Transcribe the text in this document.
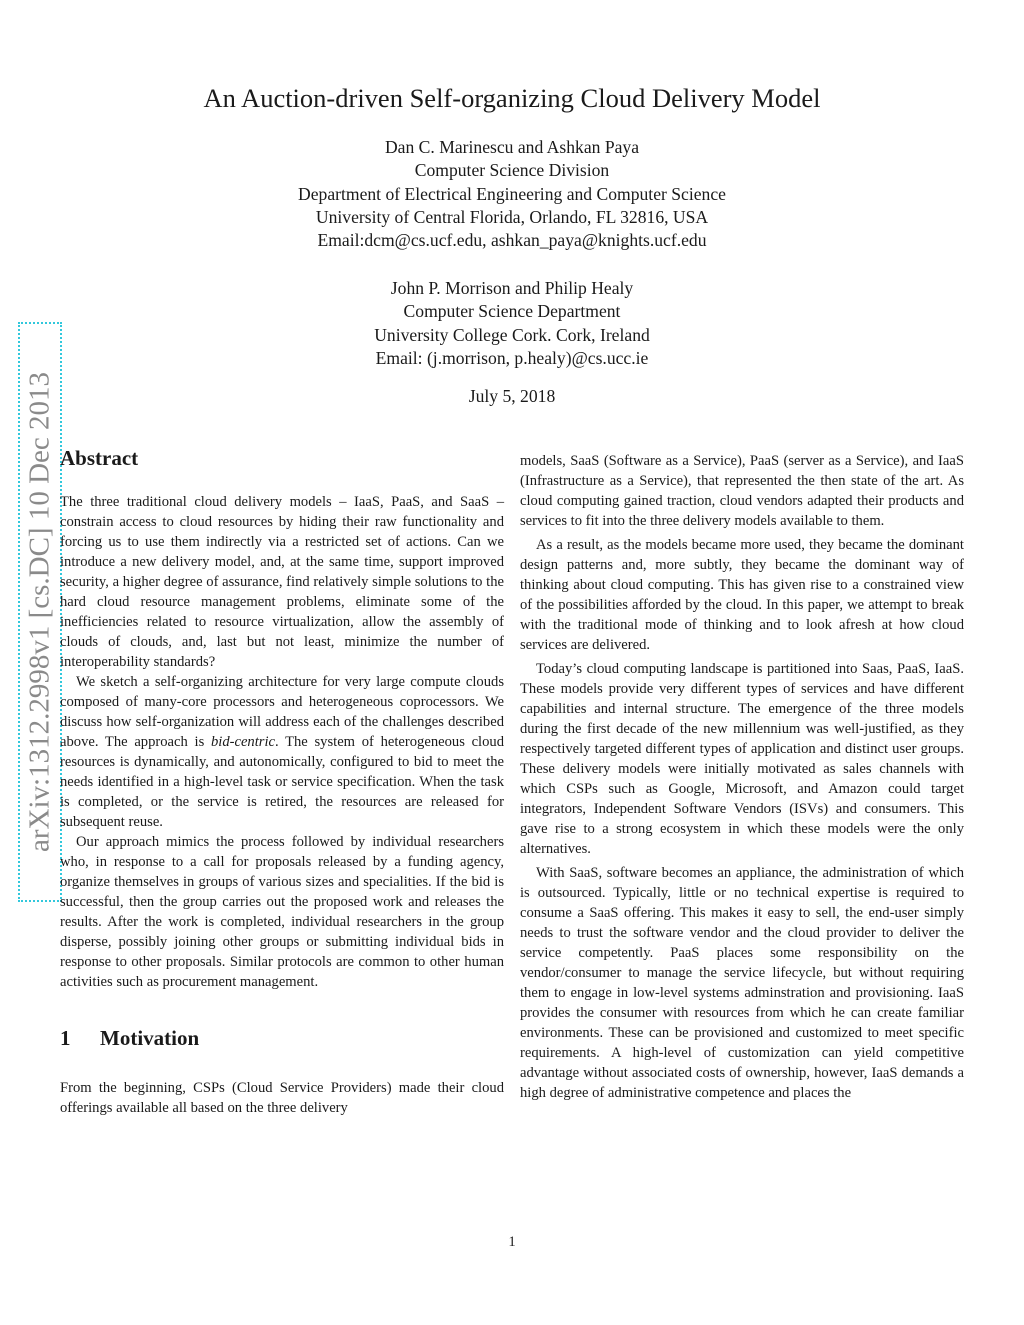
An Auction-driven Self-organizing Cloud Delivery Model
Dan C. Marinescu and Ashkan Paya
Computer Science Division
Department of Electrical Engineering and Computer Science
University of Central Florida, Orlando, FL 32816, USA
Email:dcm@cs.ucf.edu, ashkan_paya@knights.ucf.edu
John P. Morrison and Philip Healy
Computer Science Department
University College Cork. Cork, Ireland
Email: (j.morrison, p.healy)@cs.ucc.ie
July 5, 2018
arXiv:1312.2998v1 [cs.DC] 10 Dec 2013 Abstract

The three traditional cloud delivery models – IaaS, PaaS, and SaaS – constrain access to cloud resources by hiding their raw functionality and forcing us to use them indirectly via a restricted set of actions. Can we introduce a new delivery model, and, at the same time, support improved security, a higher degree of assurance, find relatively simple solutions to the hard cloud resource management problems, eliminate some of the inefficiencies related to resource virtualization, allow the assembly of clouds of clouds, and, last but not least, minimize the number of interoperability standards?

We sketch a self-organizing architecture for very large compute clouds composed of many-core processors and heterogeneous coprocessors. We discuss how self-organization will address each of the challenges described above. The approach is bid-centric. The system of heterogeneous cloud resources is dynamically, and autonomically, configured to bid to meet the needs identified in a high-level task or service specification. When the task is completed, or the service is retired, the resources are released for subsequent reuse.

Our approach mimics the process followed by individual researchers who, in response to a call for proposals released by a funding agency, organize themselves in groups of various sizes and specialities. If the bid is successful, then the group carries out the proposed work and releases the results. After the work is completed, individual researchers in the group disperse, possibly joining other groups or submitting individual bids in response to other proposals. Similar protocols are common to other human activities such as procurement management.

1 Motivation

From the beginning, CSPs (Cloud Service Providers) made their cloud offerings available all based on the three delivery

models, SaaS (Software as a Service), PaaS (server as a Service), and IaaS (Infrastructure as a Service), that represented the then state of the art. As cloud computing gained traction, cloud vendors adapted their products and services to fit into the three delivery models available to them.

As a result, as the models became more used, they became the dominant design patterns and, more subtly, they became the dominant way of thinking about cloud computing. This has given rise to a constrained view of the possibilities afforded by the cloud. In this paper, we attempt to break with the traditional mode of thinking and to look afresh at how cloud services are delivered.

Today’s cloud computing landscape is partitioned into Saas, PaaS, IaaS. These models provide very different types of services and have different capabilities and internal structure. The emergence of the three models during the first decade of the new millennium was well-justified, as they respectively targeted different types of application and distinct user groups. These delivery models were initially motivated as sales channels with which CSPs such as Google, Microsoft, and Amazon could target integrators, Independent Software Vendors (ISVs) and consumers. This gave rise to a strong ecosystem in which these models were the only alternatives.

With SaaS, software becomes an appliance, the administration of which is outsourced. Typically, little or no technical expertise is required to consume a SaaS offering. This makes it easy to sell, the end-user simply needs to trust the software vendor and the cloud provider to deliver the service competently. PaaS places some responsibility on the vendor/consumer to manage the service lifecycle, but without requiring them to engage in low-level systems adminstration and provisioning. IaaS provides the consumer with resources from which he can create familiar environments. These can be provisioned and customized to meet specific requirements. A high-level of customization can yield competitive advantage without associated costs of ownership, however, IaaS demands a high degree of administrative competence and places the

1
